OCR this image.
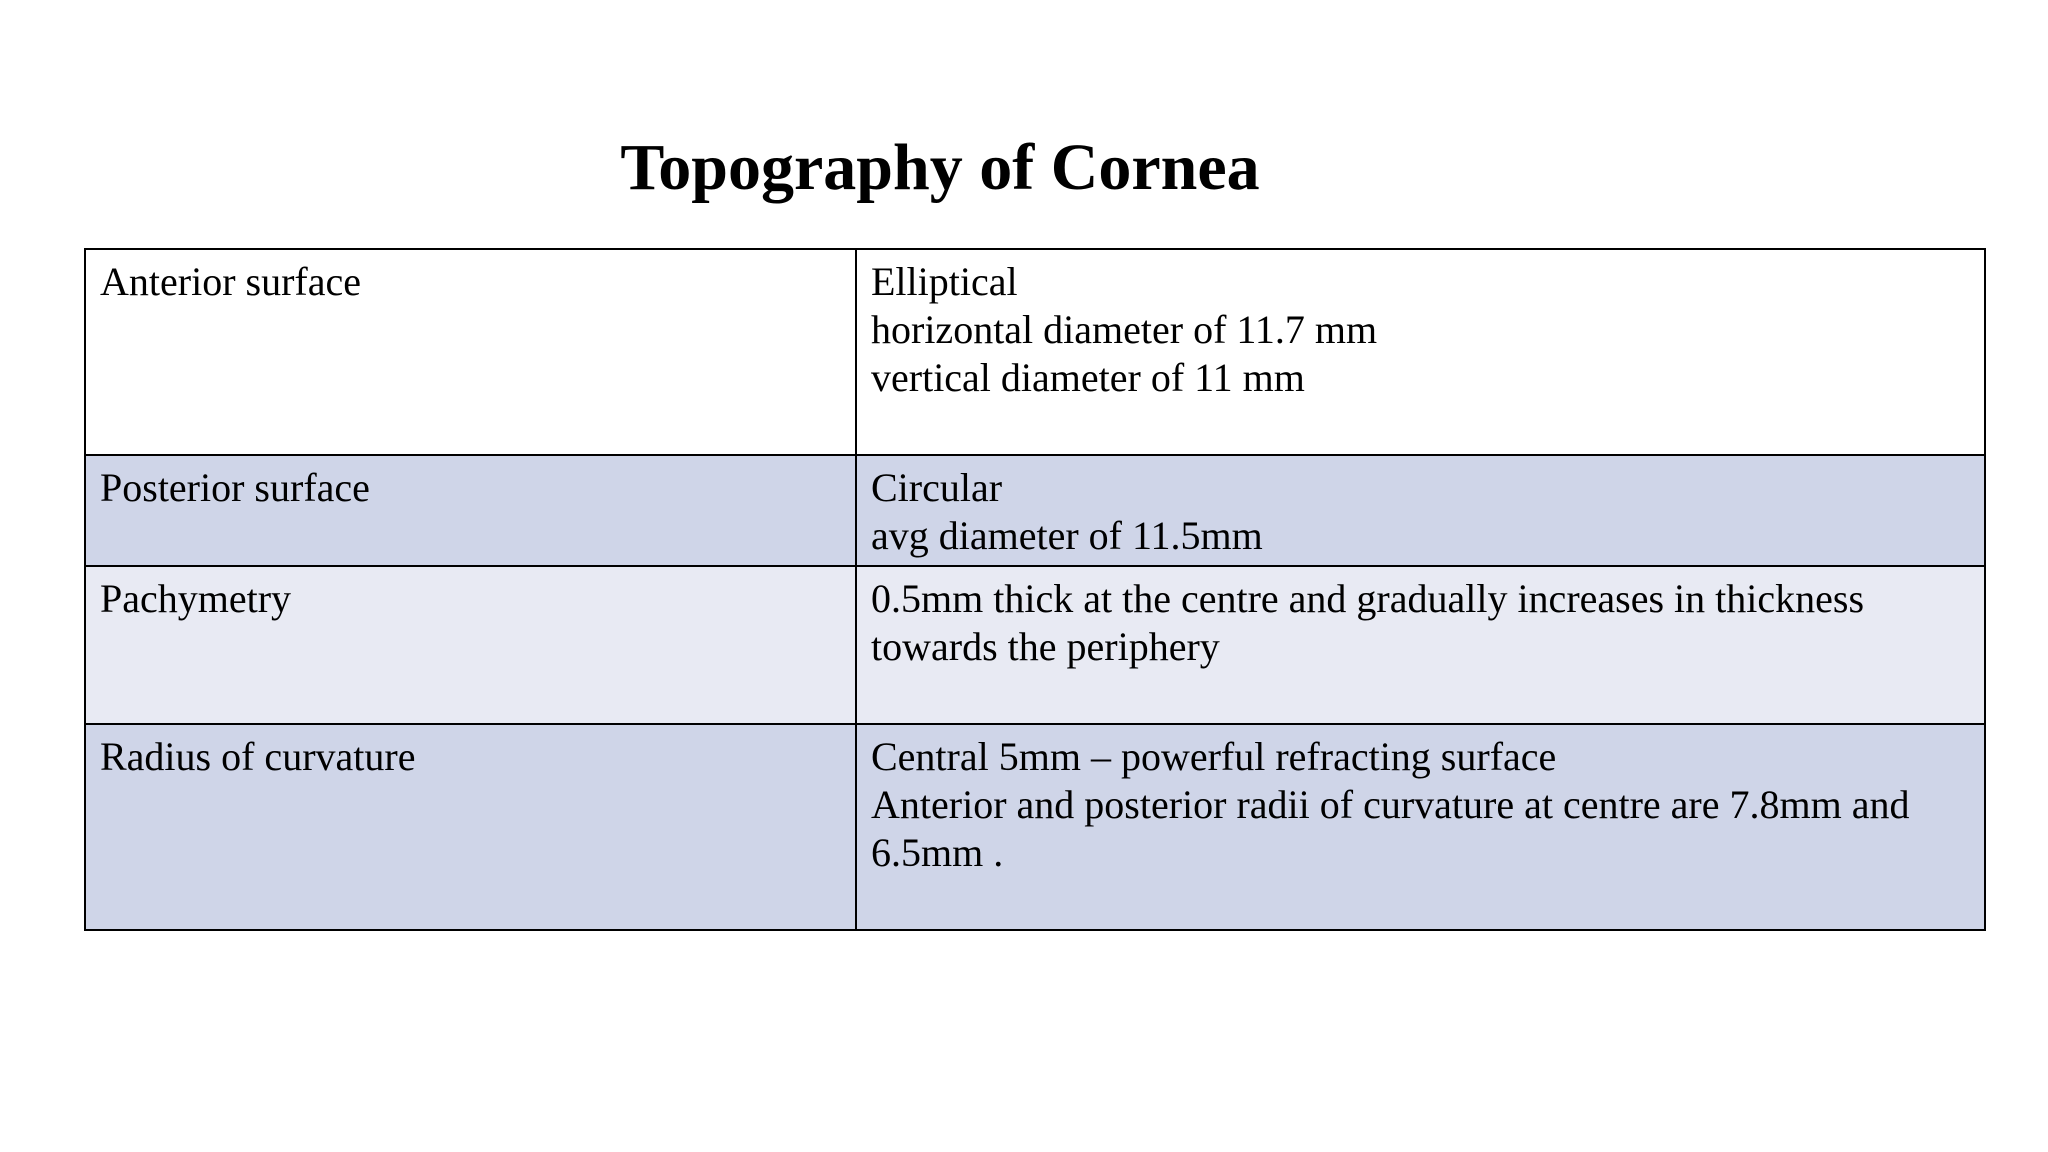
Topography of Cornea
Anterior surface	Elliptical
horizontal diameter of 11.7 mm
vertical diameter of 11 mm

Posterior surface	Circular
avg diameter of 11.5mm

Pachymetry	0.5mm thick at the centre and gradually increases in thickness towards the periphery

Radius of curvature	Central 5mm – powerful refracting surface
Anterior and posterior radii of curvature at centre are 7.8mm and 6.5mm .
